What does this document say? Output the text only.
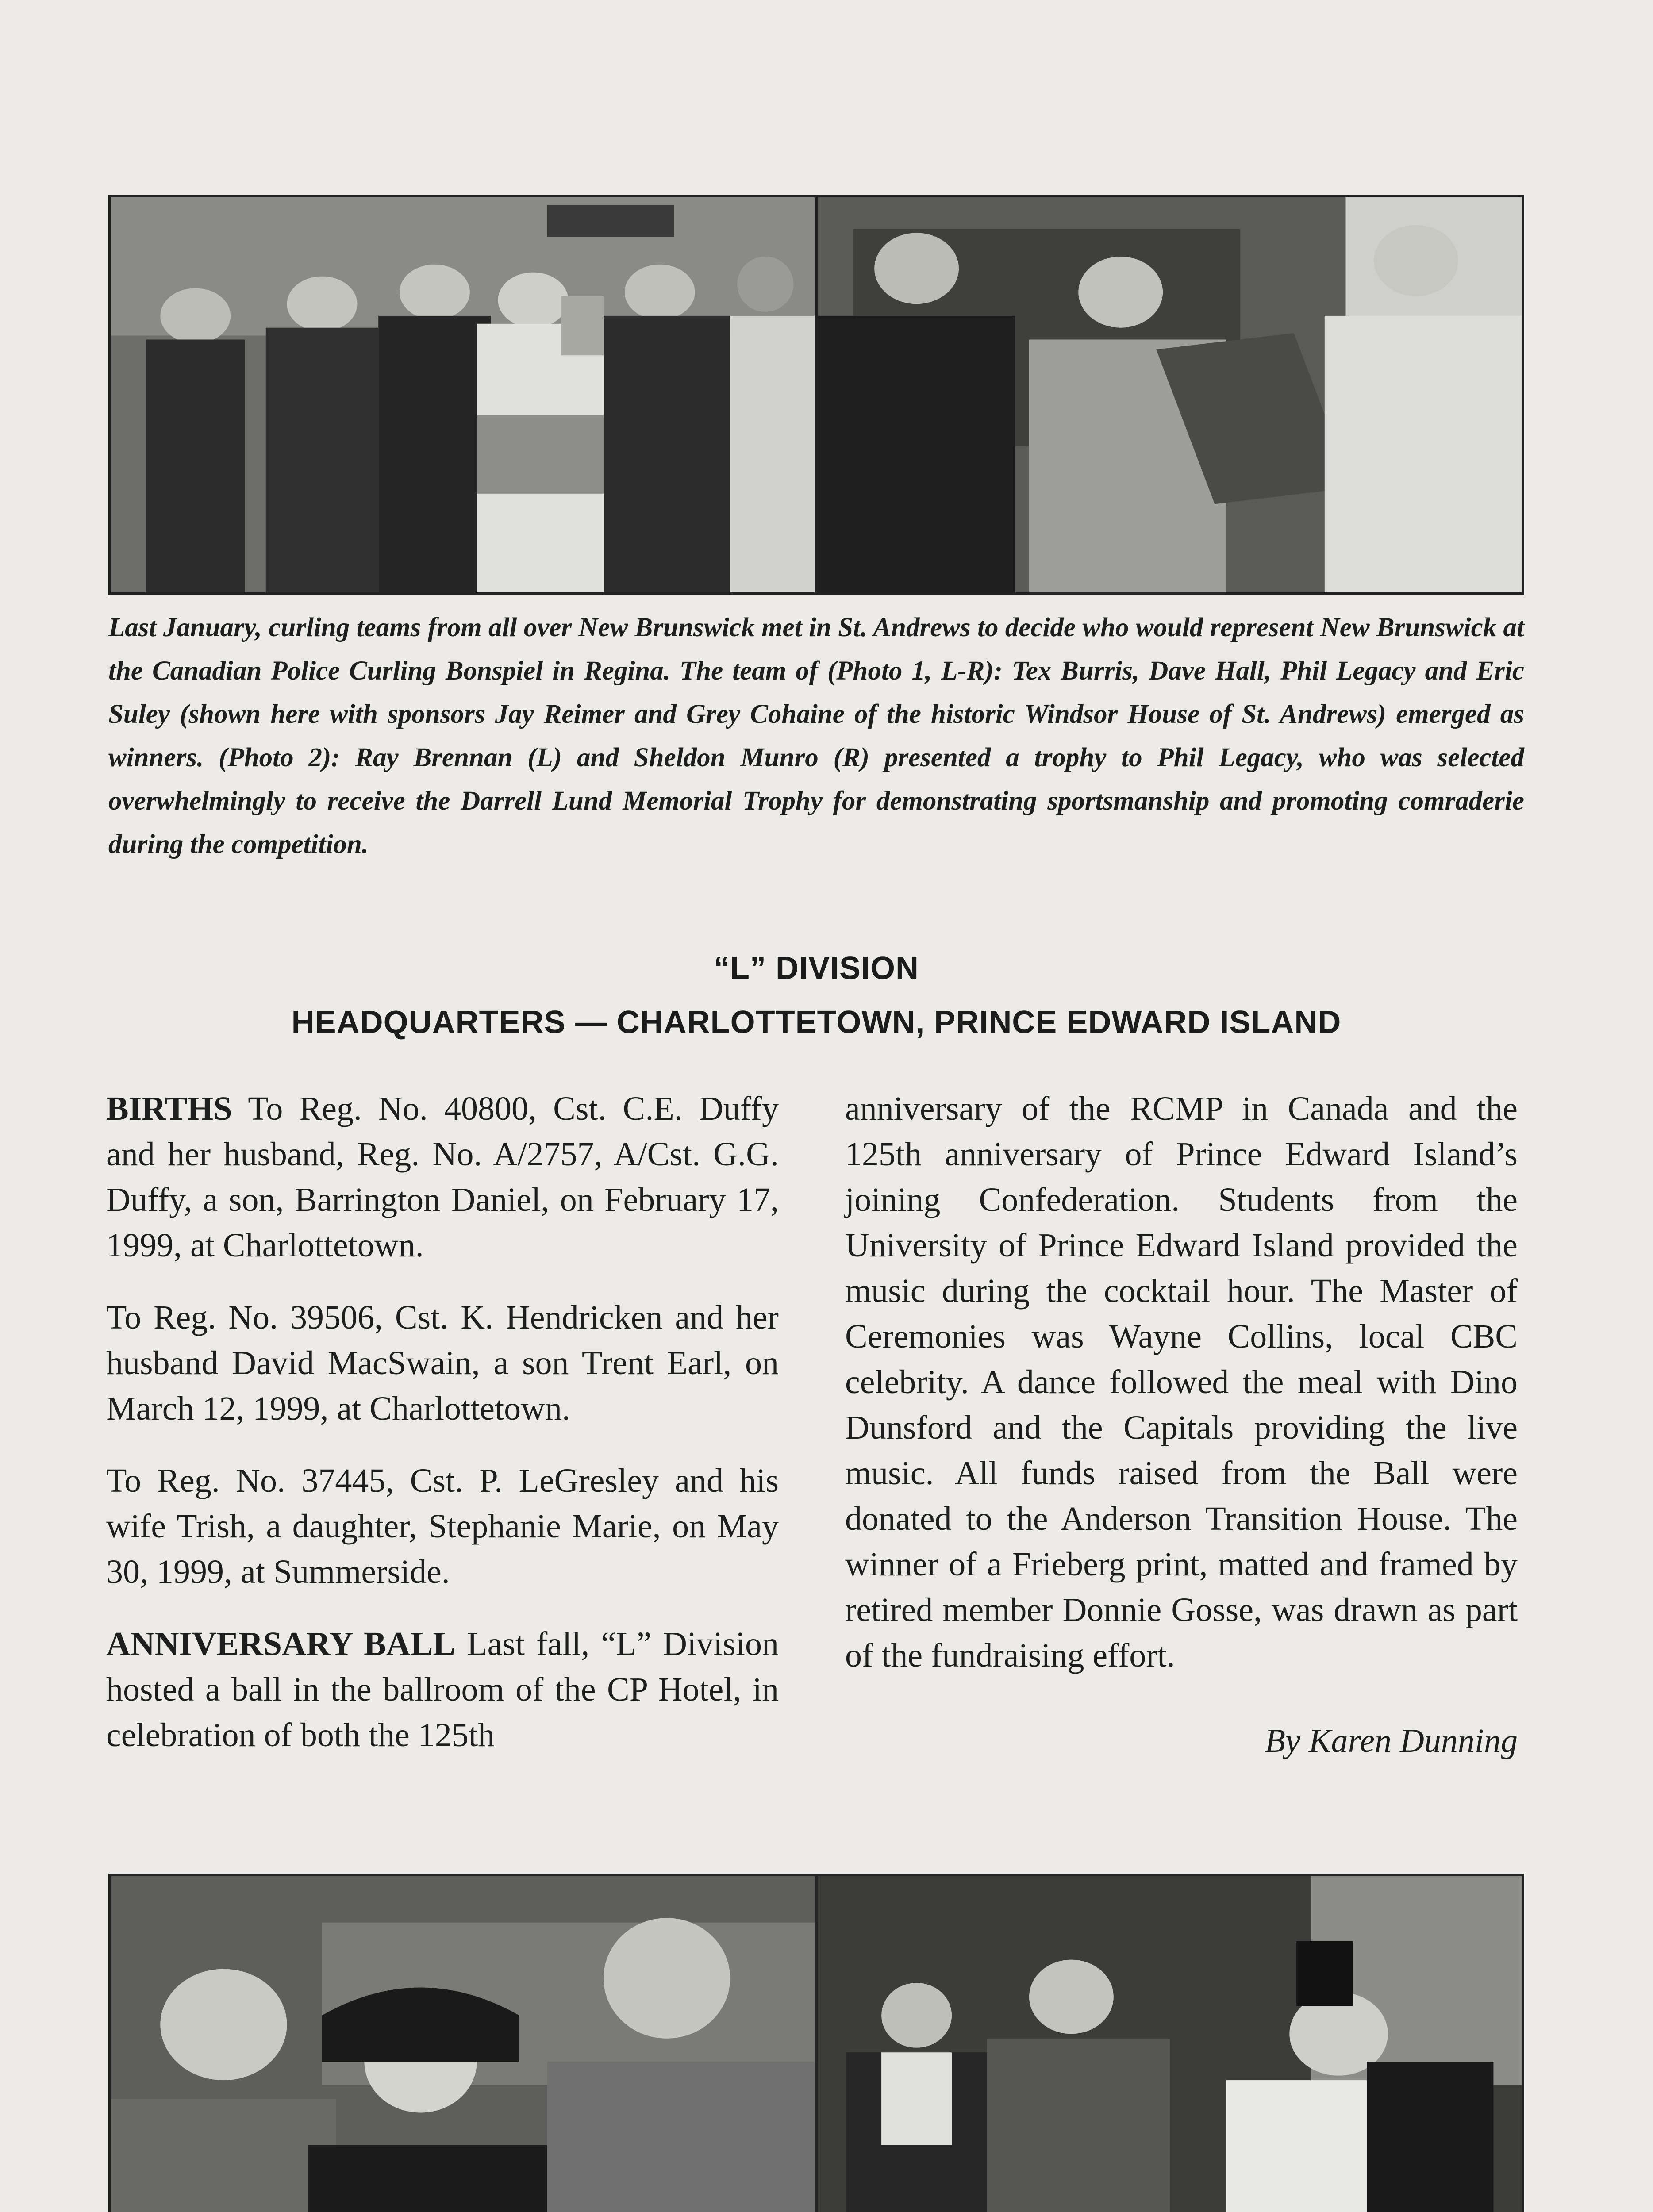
Last January, curling teams from all over New Brunswick met in St. Andrews to decide who would represent New Brunswick at the Canadian Police Curling Bonspiel in Regina. The team of (Photo 1, L-R): Tex Burris, Dave Hall, Phil Legacy and Eric Suley (shown here with sponsors Jay Reimer and Grey Cohaine of the historic Windsor House of St. Andrews) emerged as winners. (Photo 2): Ray Brennan (L) and Sheldon Munro (R) presented a trophy to Phil Legacy, who was selected overwhelmingly to receive the Darrell Lund Memorial Trophy for demonstrating sportsmanship and promoting comraderie during the competition.
“L” DIVISION
HEADQUARTERS — CHARLOTTETOWN, PRINCE EDWARD ISLAND

BIRTHS To Reg. No. 40800, Cst. C.E. Duffy and her husband, Reg. No. A/2757, A/Cst. G.G. Duffy, a son, Barrington Daniel, on February 17, 1999, at Charlottetown.

To Reg. No. 39506, Cst. K. Hendricken and her husband David MacSwain, a son Trent Earl, on March 12, 1999, at Charlottetown.

To Reg. No. 37445, Cst. P. LeGresley and his wife Trish, a daughter, Stephanie Marie, on May 30, 1999, at Summerside.

ANNIVERSARY BALL Last fall, “L” Division hosted a ball in the ballroom of the CP Hotel, in celebration of both the 125th

anniversary of the RCMP in Canada and the 125th anniversary of Prince Edward Island’s joining Confederation. Students from the University of Prince Edward Island provided the music during the cocktail hour. The Master of Ceremonies was Wayne Collins, local CBC celebrity. A dance followed the meal with Dino Dunsford and the Capitals providing the live music. All funds raised from the Ball were donated to the Anderson Transition House. The winner of a Frieberg print, matted and framed by retired member Donnie Gosse, was drawn as part of the fundraising effort.

By Karen Dunning
